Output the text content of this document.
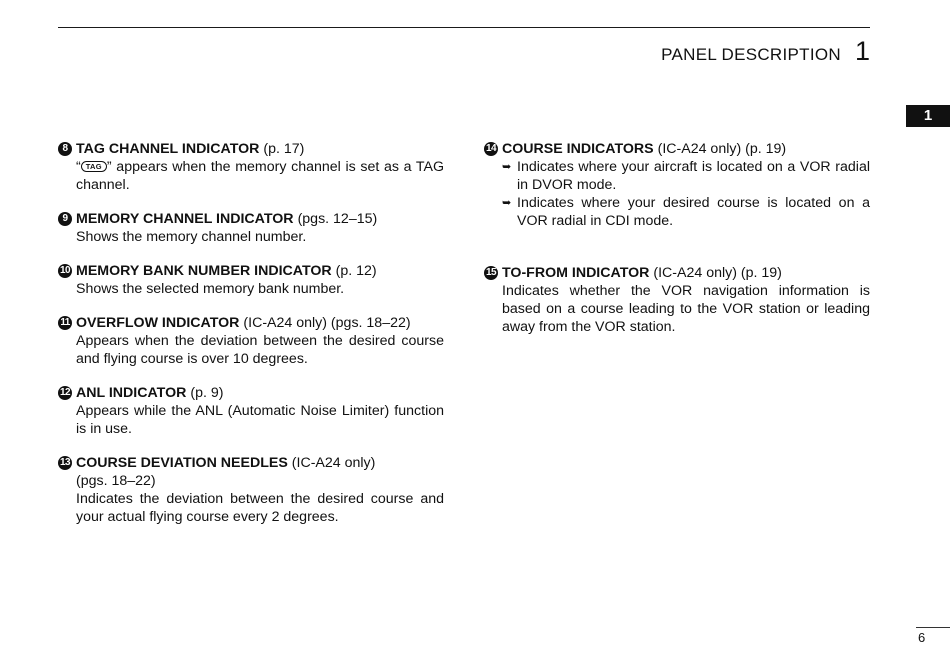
PANEL DESCRIPTION 1
1
8 TAG CHANNEL INDICATOR (p. 17)
“ TAG ” appears when the memory channel is set as a TAG channel.
9 MEMORY CHANNEL INDICATOR (pgs. 12–15)
Shows the memory channel number.
10 MEMORY BANK NUMBER INDICATOR (p. 12)
Shows the selected memory bank number.
11 OVERFLOW INDICATOR (IC-A24 only) (pgs. 18–22)
Appears when the deviation between the desired course and flying course is over 10 degrees.
12 ANL INDICATOR (p. 9)
Appears while the ANL (Automatic Noise Limiter) function is in use.
13 COURSE DEVIATION NEEDLES (IC-A24 only)
(pgs. 18–22)
Indicates the deviation between the desired course and your actual flying course every 2 degrees.
14 COURSE INDICATORS (IC-A24 only) (p. 19)
➥ Indicates where your aircraft is located on a VOR radial in DVOR mode.
➥ Indicates where your desired course is located on a VOR radial in CDI mode.
15 TO-FROM INDICATOR (IC-A24 only) (p. 19)
Indicates whether the VOR navigation information is based on a course leading to the VOR station or leading away from the VOR station.
6
